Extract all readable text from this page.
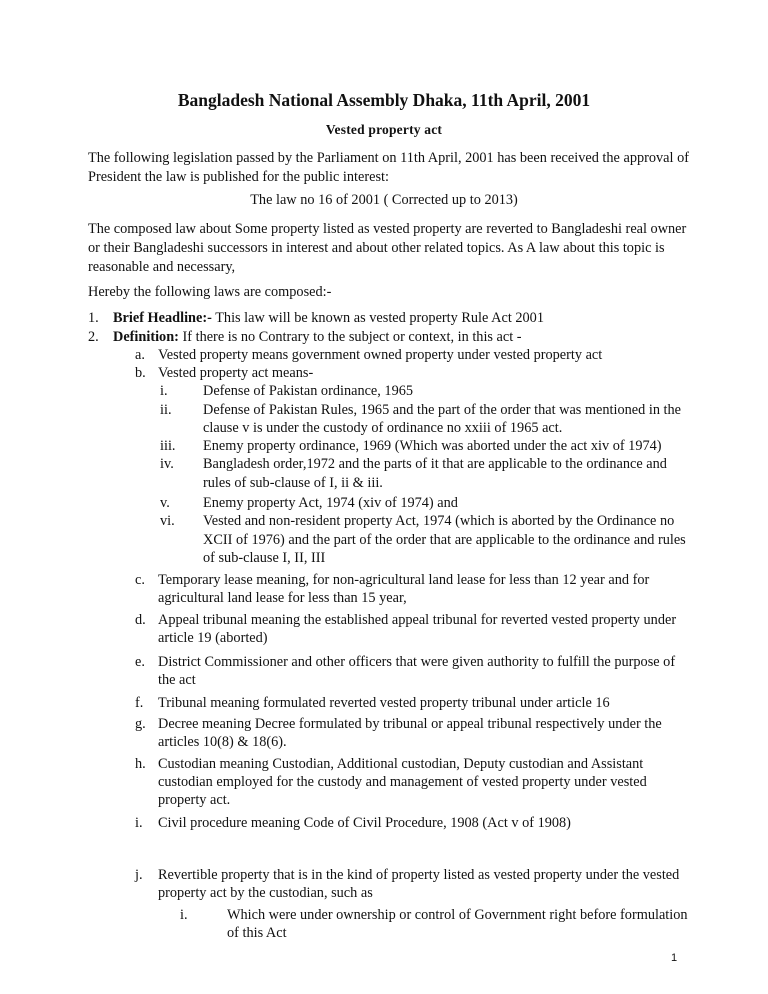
Bangladesh National Assembly Dhaka, 11th April, 2001
Vested property act
The following legislation passed by the Parliament on 11th April, 2001 has been received the approval of
President the law is published for the public interest:
The law no 16 of 2001 ( Corrected up to 2013)
The composed law about Some property listed as vested property are reverted to Bangladeshi real owner
or their Bangladeshi successors in interest and about other related topics. As A law about this topic is
reasonable and necessary,
Hereby the following laws are composed:-
1. Brief Headline:- This law will be known as vested property Rule Act 2001
2. Definition: If there is no Contrary to the subject or context, in this act -
a. Vested property means government owned property under vested property act
b. Vested property act means-
i. Defense of Pakistan ordinance, 1965
ii. Defense of Pakistan Rules, 1965 and the part of the order that was mentioned in the
clause v is under the custody of ordinance no xxiii of 1965 act.
iii. Enemy property ordinance, 1969 (Which was aborted under the act xiv of 1974)
iv. Bangladesh order,1972 and the parts of it that are applicable to the ordinance and
rules of sub-clause of I, ii & iii.
v. Enemy property Act, 1974 (xiv of 1974) and
vi. Vested and non-resident property Act, 1974 (which is aborted by the Ordinance no
XCII of 1976) and the part of the order that are applicable to the ordinance and rules
of sub-clause I, II, III
c. Temporary lease meaning, for non-agricultural land lease for less than 12 year and for
agricultural land lease for less than 15 year,
d. Appeal tribunal meaning the established appeal tribunal for reverted vested property under
article 19 (aborted)
e. District Commissioner and other officers that were given authority to fulfill the purpose of
the act
f. Tribunal meaning formulated reverted vested property tribunal under article 16
g. Decree meaning Decree formulated by tribunal or appeal tribunal respectively under the
articles 10(8) & 18(6).
h. Custodian meaning Custodian, Additional custodian, Deputy custodian and Assistant
custodian employed for the custody and management of vested property under vested
property act.
i. Civil procedure meaning Code of Civil Procedure, 1908 (Act v of 1908)
j. Revertible property that is in the kind of property listed as vested property under the vested
property act by the custodian, such as
i.	Which were under ownership or control of Government right before formulation
of this Act
1
